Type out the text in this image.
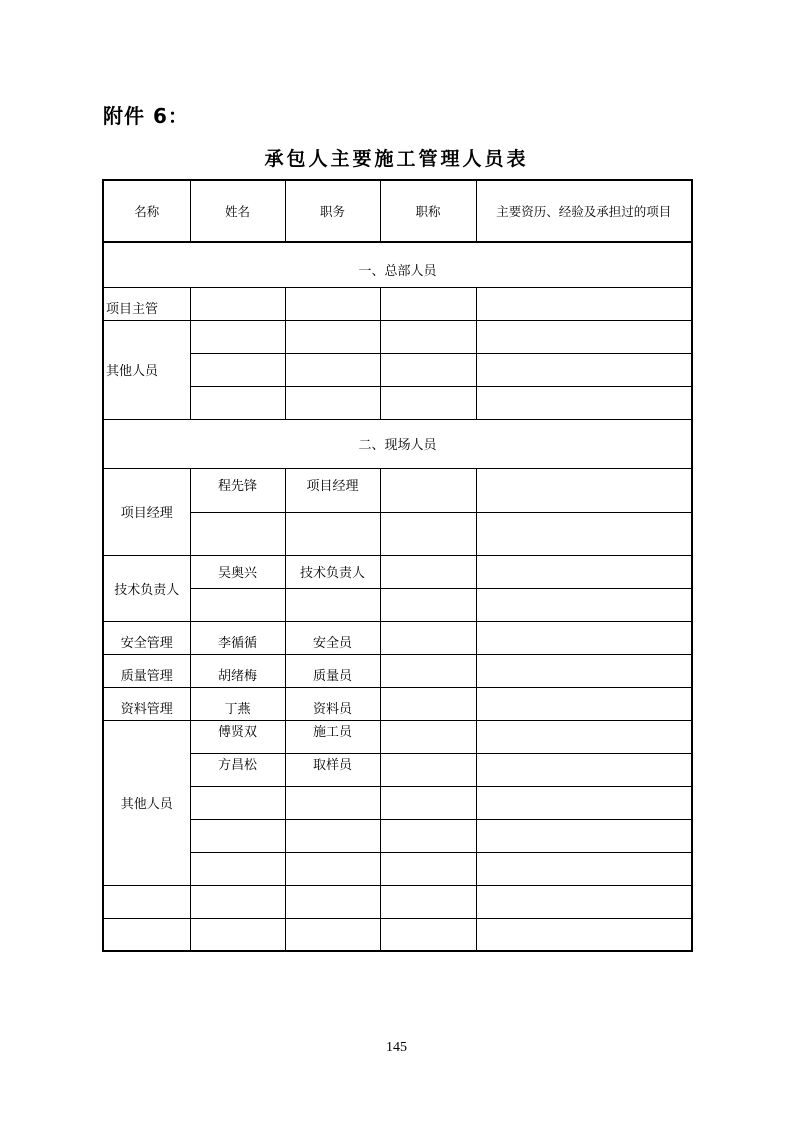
附件 6：
承包人主要施工管理人员表
名称	姓名	职务	职称	主要资历、经验及承担过的项目
一、总部人员				
项目主管				
其他人员				

二、现场人员				
项目经理	程先锋	项目经理		

技术负责人	吴奥兴	技术负责人		

安全管理	李循循	安全员		
质量管理	胡绪梅	质量员		
资料管理	丁燕	资料员		
其他人员	傅贤双	施工员		
	方昌松	取样员		

145
